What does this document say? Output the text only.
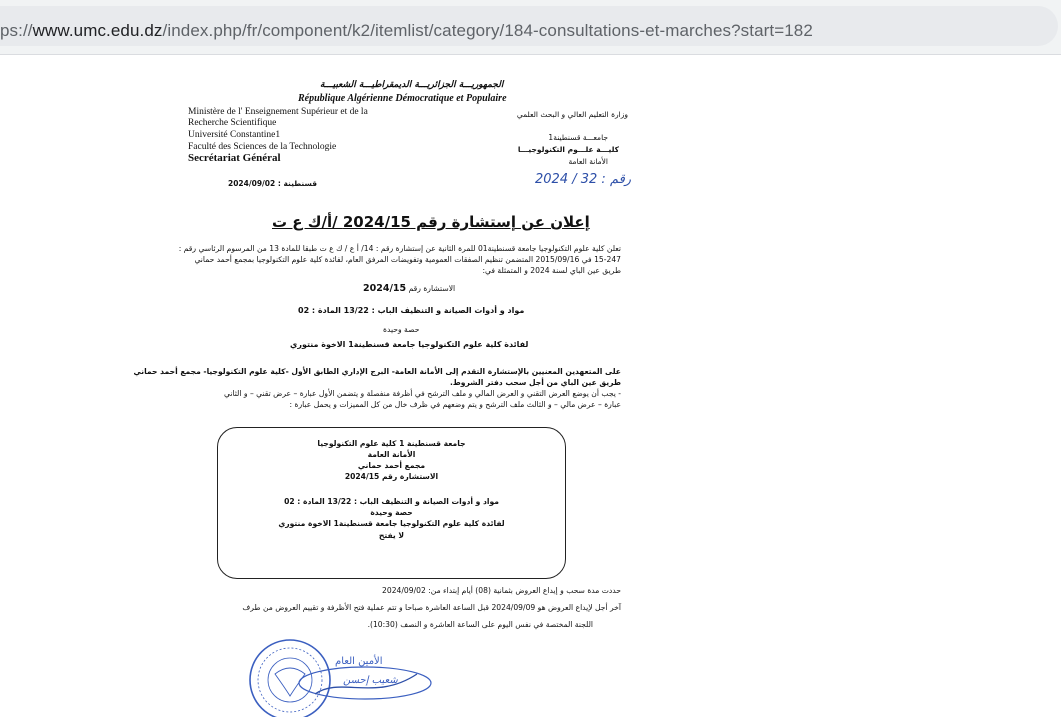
ps://www.umc.edu.dz/index.php/fr/component/k2/itemlist/category/184-consultations-et-marches?start=182
الجمهوريـــة الجزائريـــة الديمقراطيـــة الشعبيـــة
République Algérienne Démocratique et Populaire
Ministère de l' Enseignement Supérieur et de la
Recherche Scientifique
Université Constantine1
Faculté des Sciences de la Technologie
Secrétariat Général
وزارة التعليم العالي و البحث العلمي
جامعـــة قسنطينة1
كليـــة علـــوم التكنولوجيـــا
الأمانة العامة
قسنطينة : 2024/09/02	رقم : 32 / 2024
إعلان عن إستشارة رقم 2024/15 /أ/ك ع ت
تعلن كلية علوم التكنولوجيا جامعة قسنطينة01 للمرة الثانية عن إستشارة رقم : 14/ أ ع / ك ع ت طبقا للمادة 13 من المرسوم الرئاسي رقم :
15-247 في 2015/09/16 المتضمن تنظيم الصفقات العمومية وتفويضات المرفق العام، لفائدة كلية علوم التكنولوجيا بمجمع أحمد حماني
طريق عين الباي لسنة 2024 و المتمثلة في:
الاستشارة رقم 2024/15
مواد و أدوات الصيانة و التنظيف الباب : 13/22 المادة : 02
حصة وحيدة
لفائدة كلية علوم التكنولوجيا جامعة قسنطينة1 الاخوة منتوري
على المتعهدين المعنيين بالإستشارة التقدم إلى الأمانة العامة- البرج الإداري الطابق الأول -كلية علوم التكنولوجيا- مجمع أحمد حماني
طريق عين الباي من أجل سحب دفتر الشروط.
- يجب أن يوضع العرض التقني و العرض المالي و ملف الترشح في أظرفة منفصلة و يتضمن الأول عبارة – عرض تقني – و الثاني
عبارة – عرض مالي – و الثالث ملف الترشح و يتم وضعهم في ظرف خال من كل المميزات و يحمل عبارة :
جامعة قسنطينة 1 كلية علوم التكنولوجيا
الأمانة العامة
مجمع أحمد حماني
الاستشارة رقم 2024/15
مواد و أدوات الصيانة و التنظيف الباب : 13/22 المادة : 02
حصة وحيدة
لفائدة كلية علوم التكنولوجيا جامعة قسنطينة1 الاخوة منتوري
لا يفتح
حددت مدة سحب و إيداع العروض بثمانية (08) أيام إبتداء من: 2024/09/02
آخر أجل لإيداع العروض هو 2024/09/09 قبل الساعة العاشرة صباحا و تتم عملية فتح الأظرفة و تقييم العروض من طرف
اللجنة المختصة في نفس اليوم على الساعة العاشرة و النصف (10:30).
الأمين العام
شعيب إحسن
